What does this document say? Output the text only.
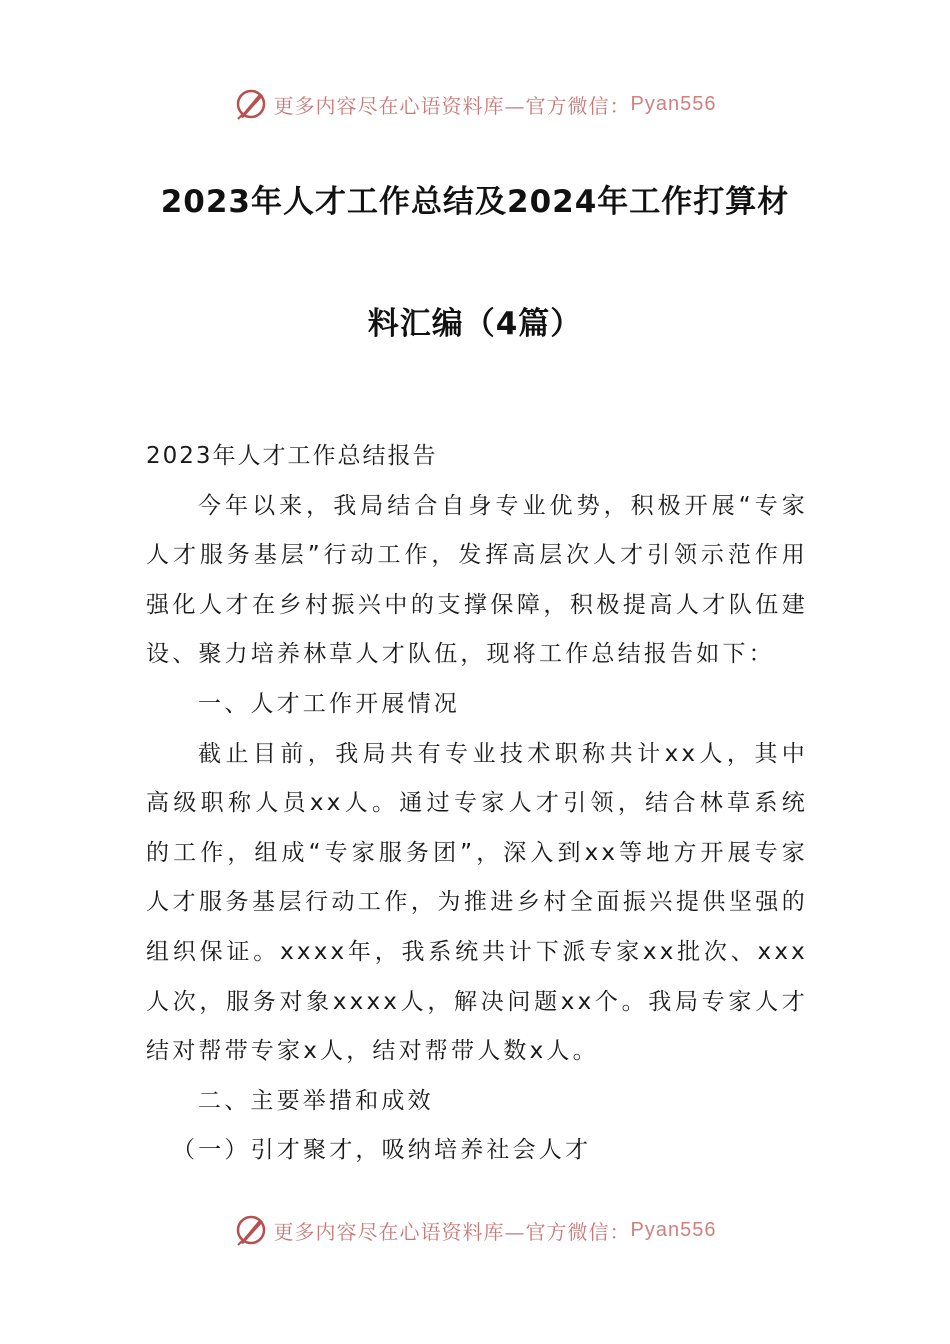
更多内容尽在心语资料库—官方微信： Pyan556
2023年人才工作总结及2024年工作打算材
料汇编（4篇）

2023年人才工作总结报告

今年以来，我局结合自身专业优势，积极开展“专家人才服务基层”行动工作，发挥高层次人才引领示范作用强化人才在乡村振兴中的支撑保障，积极提高人才队伍建设、聚力培养林草人才队伍，现将工作总结报告如下：

一、人才工作开展情况

截止目前，我局共有专业技术职称共计xx人，其中高级职称人员xx人。通过专家人才引领，结合林草系统的工作，组成“专家服务团”，深入到xx等地方开展专家人才服务基层行动工作，为推进乡村全面振兴提供坚强的组织保证。xxxx年，我系统共计下派专家xx批次、xxx人次，服务对象xxxx人，解决问题xx个。我局专家人才结对帮带专家x人，结对帮带人数x人。

二、主要举措和成效

（一）引才聚才，吸纳培养社会人才

更多内容尽在心语资料库—官方微信： Pyan556
